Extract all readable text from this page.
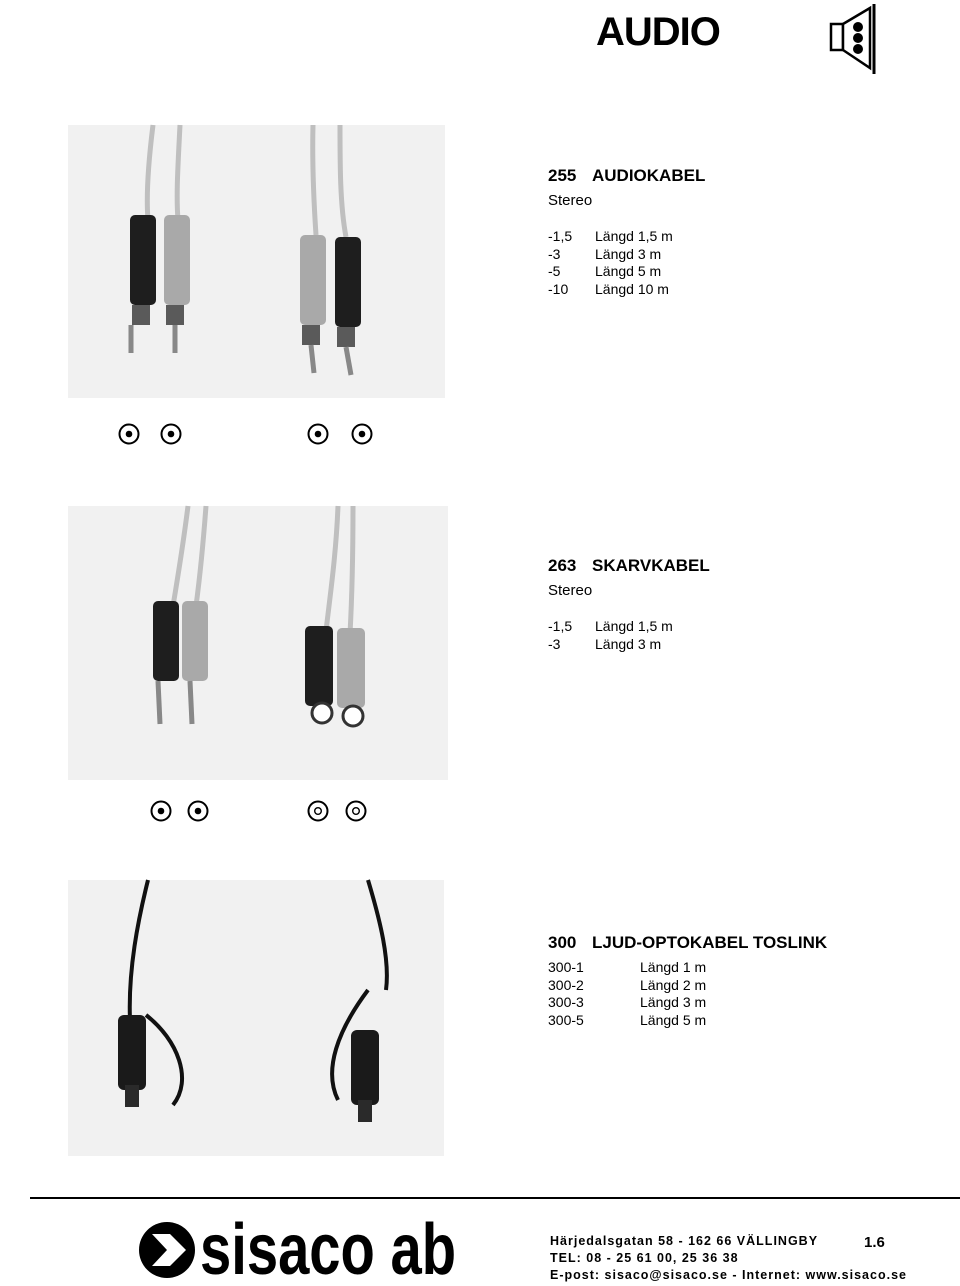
AUDIO
255 AUDIOKABEL
Stereo
-1,5 Längd 1,5 m
-3 Längd 3 m
-5 Längd 5 m
-10 Längd 10 m
263 SKARVKABEL
Stereo
-1,5 Längd 1,5 m
-3 Längd 3 m
300 LJUD-OPTOKABEL TOSLINK
300-1	Längd 1 m
300-2	Längd 2 m
300-3	Längd 3 m
300-5	Längd 5 m
sisaco ab	Härjedalsgatan 58 - 162 66 VÄLLINGBY
TEL: 08 - 25 61 00, 25 36 38
E-post: sisaco@sisaco.se - Internet: www.sisaco.se
1.6
